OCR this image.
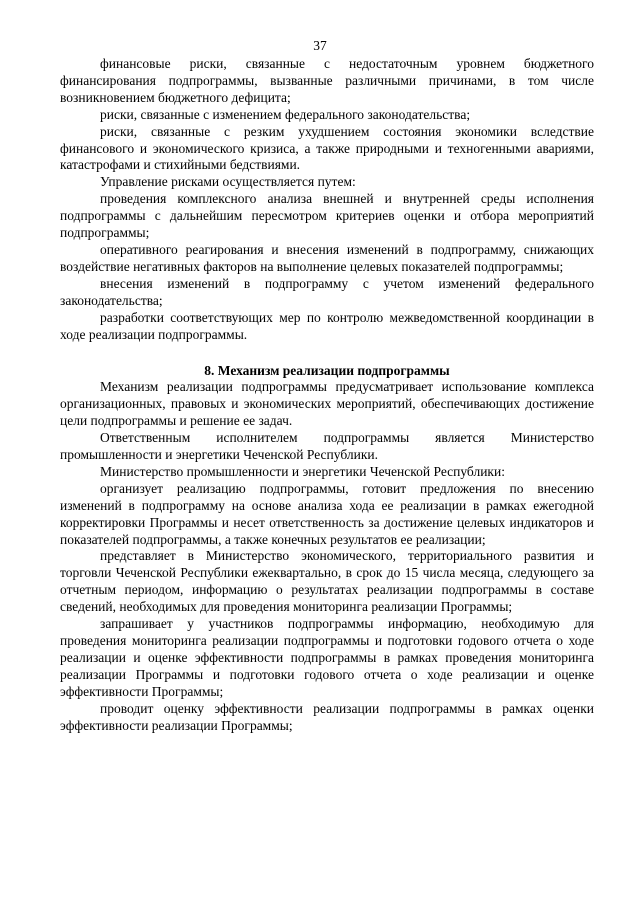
37

финансовые риски, связанные с недостаточным уровнем бюджетного финансирования подпрограммы, вызванные различными причинами, в том числе возникновением бюджетного дефицита;

риски, связанные с изменением федерального законодательства;

риски, связанные с резким ухудшением состояния экономики вследствие финансового и экономического кризиса, а также природными и техногенными авариями, катастрофами и стихийными бедствиями.

Управление рисками осуществляется путем:

проведения комплексного анализа внешней и внутренней среды исполнения подпрограммы с дальнейшим пересмотром критериев оценки и отбора мероприятий подпрограммы;

оперативного реагирования и внесения изменений в подпрограмму, снижающих воздействие негативных факторов на выполнение целевых показателей подпрограммы;

внесения изменений в подпрограмму с учетом изменений федерального законодательства;

разработки соответствующих мер по контролю межведомственной координации в ходе реализации подпрограммы.

8. Механизм реализации подпрограммы

Механизм реализации подпрограммы предусматривает использование комплекса организационных, правовых и экономических мероприятий, обеспечивающих достижение цели подпрограммы и решение ее задач.

Ответственным исполнителем подпрограммы является Министерство промышленности и энергетики Чеченской Республики.

Министерство промышленности и энергетики Чеченской Республики:

организует реализацию подпрограммы, готовит предложения по внесению изменений в подпрограмму на основе анализа хода ее реализации в рамках ежегодной корректировки Программы и несет ответственность за достижение целевых индикаторов и показателей подпрограммы, а также конечных результатов ее реализации;

представляет в Министерство экономического, территориального развития и торговли Чеченской Республики ежеквартально, в срок до 15 числа месяца, следующего за отчетным периодом, информацию о результатах реализации подпрограммы в составе сведений, необходимых для проведения мониторинга реализации Программы;

запрашивает у участников подпрограммы информацию, необходимую для проведения мониторинга реализации подпрограммы и подготовки годового отчета о ходе реализации и оценке эффективности подпрограммы в рамках проведения мониторинга реализации Программы и подготовки годового отчета о ходе реализации и оценке эффективности Программы;

проводит оценку эффективности реализации подпрограммы в рамках оценки эффективности реализации Программы;
